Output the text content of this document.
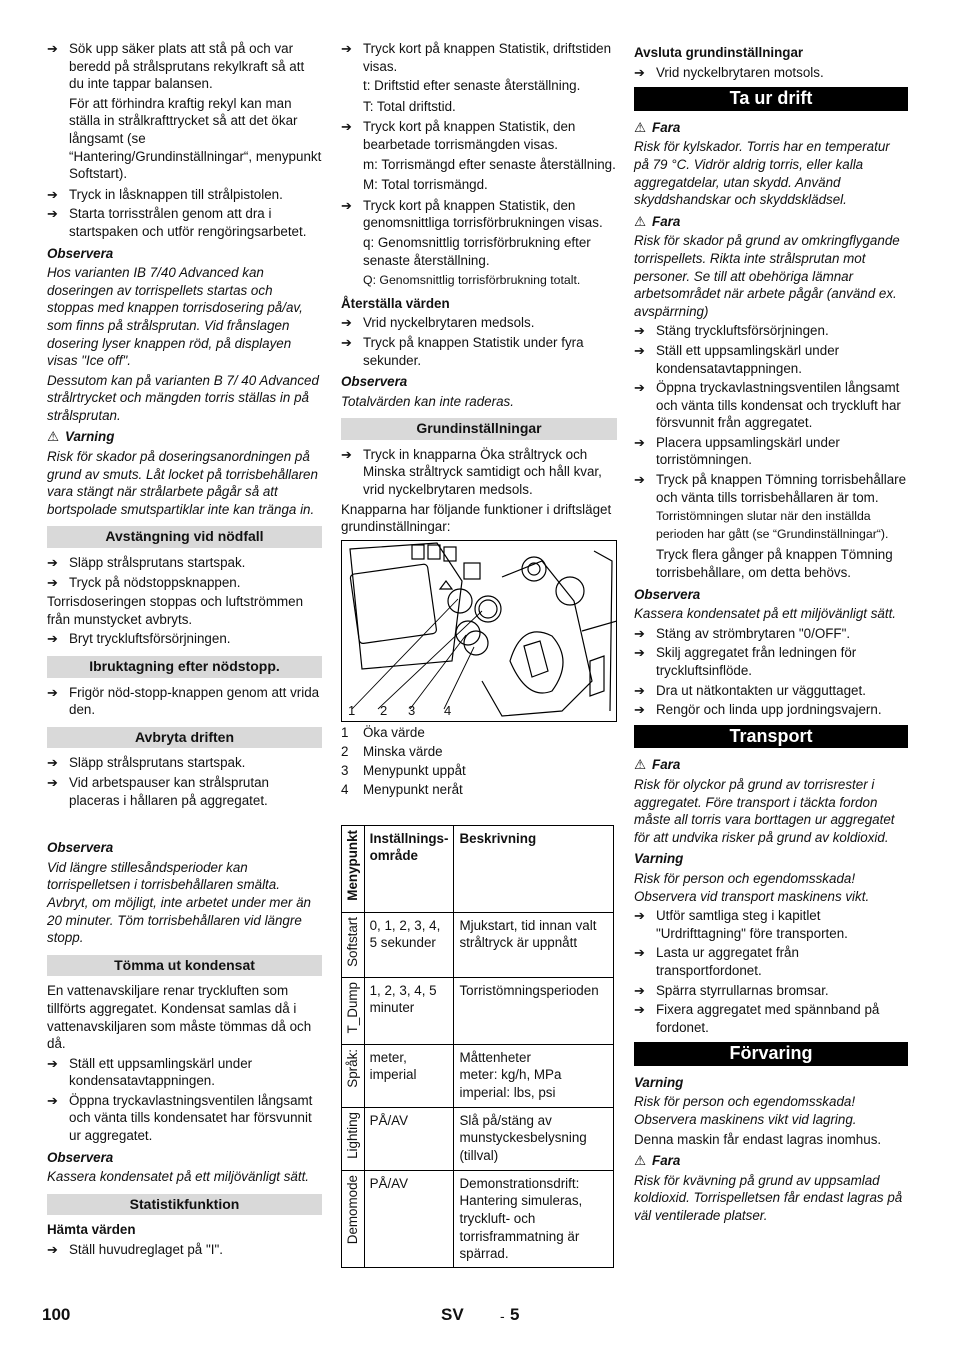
➔ Sök upp säker plats att stå på och var beredd på strålsprutans rekylkraft så att du inte tappar balansen.

För att förhindra kraftig rekyl kan man ställa in strålkrafttrycket så att det ökar långsamt (se “Hantering/Grundinställningar“, menypunkt Softstart).

➔ Tryck in låsknappen till strålpistolen.
➔ Starta torrisstrålen genom att dra i startspaken och utför rengöringsarbetet.
Observera

Hos varianten IB 7/40 Advanced kan doseringen av torrispellets startas och stoppas med knappen torrisdosering på/av, som finns på strålsprutan. Vid frånslagen dosering lyser knappen röd, på displayen visas "Ice off".

Dessutom kan på varianten B 7/ 40 Advanced strålrtrycket och mängden torris ställas in på strålsprutan.

⚠ Varning

Risk för skador på doseringsanordningen på grund av smuts. Låt locket på torrisbehållaren vara stängt när strålarbete pågår så att bortspolade smutspartiklar inte kan tränga in.

Avstängning vid nödfall
➔ Släpp strålsprutans startspak.
➔ Tryck på nödstoppsknappen.

Torrisdoseringen stoppas och luftströmmen från munstycket avbryts.

➔ Bryt tryckluftsförsörjningen.
Ibruktagning efter nödstopp.
➔ Frigör nöd-stopp-knappen genom att vrida den.
Avbryta driften
➔ Släpp strålsprutans startspak.
➔ Vid arbetspauser kan strålsprutan placeras i hållaren på aggregatet.
Observera

Vid längre stillesåndsperioder kan torrispelletsen i torrisbehållaren smälta. Avbryt, om möjligt, inte arbetet under mer än 20 minuter. Töm torrisbehållaren vid längre stopp.

Tömma ut kondensat

En vattenavskiljare renar tryckluften som tillförts aggregatet. Kondensat samlas då i vattenavskiljaren som måste tömmas då och då.

➔ Ställ ett uppsamlingskärl under kondensatavtappningen.
➔ Öppna tryckavlastningsventilen långsamt och vänta tills kondensatet har försvunnit ur aggregatet.
Observera

Kassera kondensatet på ett miljövänligt sätt.

Statistikfunktion
Hämta värden
➔ Ställ huvudreglaget på "I".
➔ Tryck kort på knappen Statistik, driftstiden visas.

t: Driftstid efter senaste återställning.

T: Total driftstid.

➔ Tryck kort på knappen Statistik, den bearbetade torrismängden visas.

m: Torrismängd efter senaste återställning.

M: Total torrismängd.

➔ Tryck kort på knappen Statistik, den genomsnittliga torrisförbrukningen visas.

q: Genomsnittlig torrisförbrukning efter senaste återställning.

Q: Genomsnittlig torrisförbrukning totalt.

Återställa värden
➔ Vrid nyckelbrytaren medsols.
➔ Tryck på knappen Statistik under fyra sekunder.
Observera

Totalvärden kan inte raderas.

Grundinställningar
➔ Tryck in knapparna Öka stråltryck och Minska stråltryck samtidigt och håll kvar, vrid nyckelbrytaren medsols.

Knapparna har följande funktioner i driftsläget grundinställningar:

1 2 3 4
1 Öka värde
2 Minska värde
3 Menypunkt uppåt
4 Menypunkt neråt
Menypunkt	Inställnings-område	Beskrivning

Softstart	0, 1, 2, 3, 4, 5 sekunder	Mjukstart, tid innan valt stråltryck är uppnått

T_Dump	1, 2, 3, 4, 5 minuter	Torristömningsperioden

Språk:	meter, imperial	Måttenheter
meter: kg/h, MPa
imperial: lbs, psi

Lighting	PÅ/AV	Slå på/stäng av munstyckesbelysning (tillval)

Demomode	PÅ/AV	Demonstrationsdrift: Hantering simuleras, tryckluft- och torrisframmatning är spärrad.
Avsluta grundinställningar
➔ Vrid nyckelbrytaren motsols.
Ta ur drift
⚠ Fara

Risk för kylskador. Torris har en temperatur på 79 °C. Vidrör aldrig torris, eller kalla aggregatdelar, utan skydd. Använd skyddshandskar och skyddsklädsel.

⚠ Fara

Risk för skador på grund av omkringflygande torrispellets. Rikta inte strålsprutan mot personer. Se till att obehöriga lämnar arbetsområdet när arbete pågår (använd ex. avspärrning)

➔ Stäng tryckluftsförsörjningen.
➔ Ställ ett uppsamlingskärl under kondensatavtappningen.
➔ Öppna tryckavlastningsventilen långsamt och vänta tills kondensat och tryckluft har försvunnit från aggregatet.
➔ Placera uppsamlingskärl under torristömningen.
➔ Tryck på knappen Tömning torrisbehållare och vänta tills torrisbehållaren är tom.

Torristömningen slutar när den inställda perioden har gått (se “Grundinställningar“).

Tryck flera gånger på knappen Tömning torrisbehållare, om detta behövs.

Observera

Kassera kondensatet på ett miljövänligt sätt.

➔ Stäng av strömbrytaren "0/OFF".
➔ Skilj aggregatet från ledningen för tryckluftsinflöde.
➔ Dra ut nätkontakten ur vägguttaget.
➔ Rengör och linda upp jordningsvajern.
Transport
⚠ Fara

Risk för olyckor på grund av torrisrester i aggregatet. Före transport i täckta fordon måste all torris vara borttagen ur aggregatet för att undvika risker på grund av koldioxid.

Varning

Risk för person och egendomsskada! Observera vid transport maskinens vikt.

➔ Utför samtliga steg i kapitlet "Urdrifttagning" före transporten.
➔ Lasta ur aggregatet från transportfordonet.
➔ Spärra styrrullarnas bromsar.
➔ Fixera aggregatet med spännband på fordonet.
Förvaring
Varning

Risk för person och egendomsskada! Observera maskinens vikt vid lagring.

Denna maskin får endast lagras inomhus.

⚠ Fara

Risk för kvävning på grund av uppsamlad koldioxid. Torrispelletsen får endast lagras på väl ventilerade platser.

100	SV	- 5
